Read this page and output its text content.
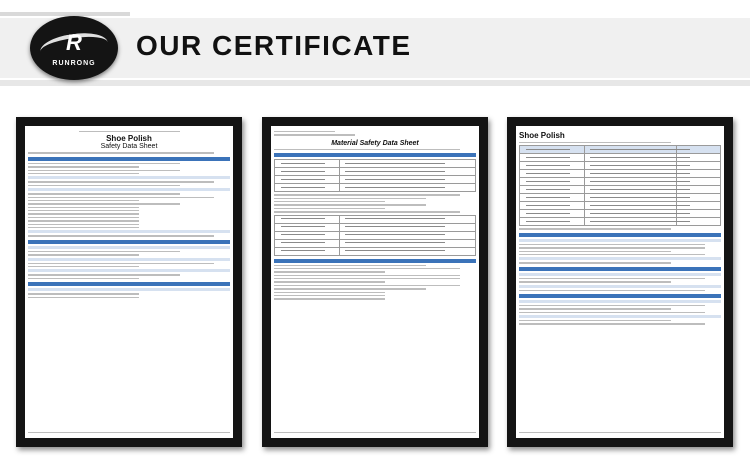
R
RUNRONG
OUR CERTIFICATE
Shoe Polish
Safety Data Sheet
Material Safety Data Sheet
Shoe Polish
